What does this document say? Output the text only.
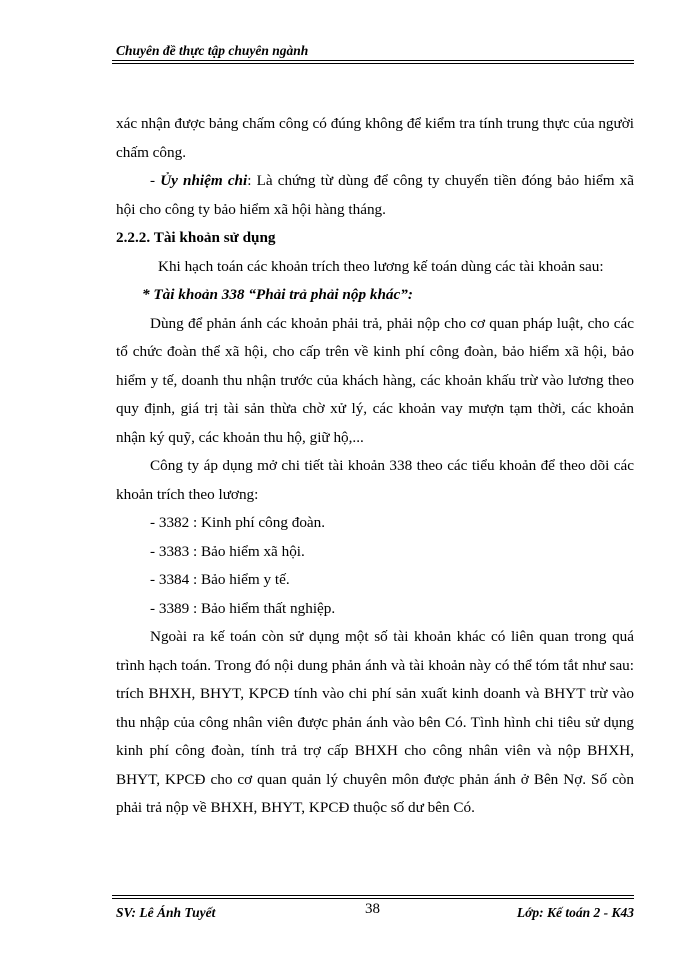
Chuyên đề thực tập chuyên ngành

xác nhận được bảng chấm công có đúng không để kiểm tra tính trung thực của người chấm công.

- Ủy nhiệm chi: Là chứng từ dùng để công ty chuyển tiền đóng bảo hiểm xã hội cho công ty bảo hiểm xã hội hàng tháng.

2.2.2. Tài khoản sử dụng

Khi hạch toán các khoản trích theo lương kế toán dùng các tài khoản sau:

* Tài khoản 338 “Phải trả phải nộp khác”:

Dùng để phản ánh các khoản phải trả, phải nộp cho cơ quan pháp luật, cho các tổ chức đoàn thể xã hội, cho cấp trên về kinh phí công đoàn, bảo hiểm xã hội, bảo hiểm y tế, doanh thu nhận trước của khách hàng, các khoản khấu trừ vào lương theo quy định, giá trị tài sản thừa chờ xử lý, các khoản vay mượn tạm thời, các khoản nhận ký quỹ, các khoản thu hộ, giữ hộ,...

Công ty áp dụng mở chi tiết tài khoản 338 theo các tiểu khoản để theo dõi các khoản trích theo lương:

- 3382 : Kinh phí công đoàn.

- 3383 : Bảo hiểm xã hội.

- 3384 : Bảo hiểm y tế.

- 3389 : Bảo hiểm thất nghiệp.

Ngoài ra kế toán còn sử dụng một số tài khoản khác có liên quan trong quá trình hạch toán. Trong đó nội dung phản ánh và tài khoản này có thể tóm tắt như sau: trích BHXH, BHYT, KPCĐ tính vào chi phí sản xuất kinh doanh và BHYT trừ vào thu nhập của công nhân viên được phản ánh vào bên Có. Tình hình chi tiêu sử dụng kinh phí công đoàn, tính trả trợ cấp BHXH cho công nhân viên và nộp BHXH, BHYT, KPCĐ cho cơ quan quản lý chuyên môn được phản ánh ở Bên Nợ. Số còn phải trả nộp về BHXH, BHYT, KPCĐ thuộc số dư bên Có.

SV: Lê Ánh Tuyết	38	Lớp: Kế toán 2 - K43
